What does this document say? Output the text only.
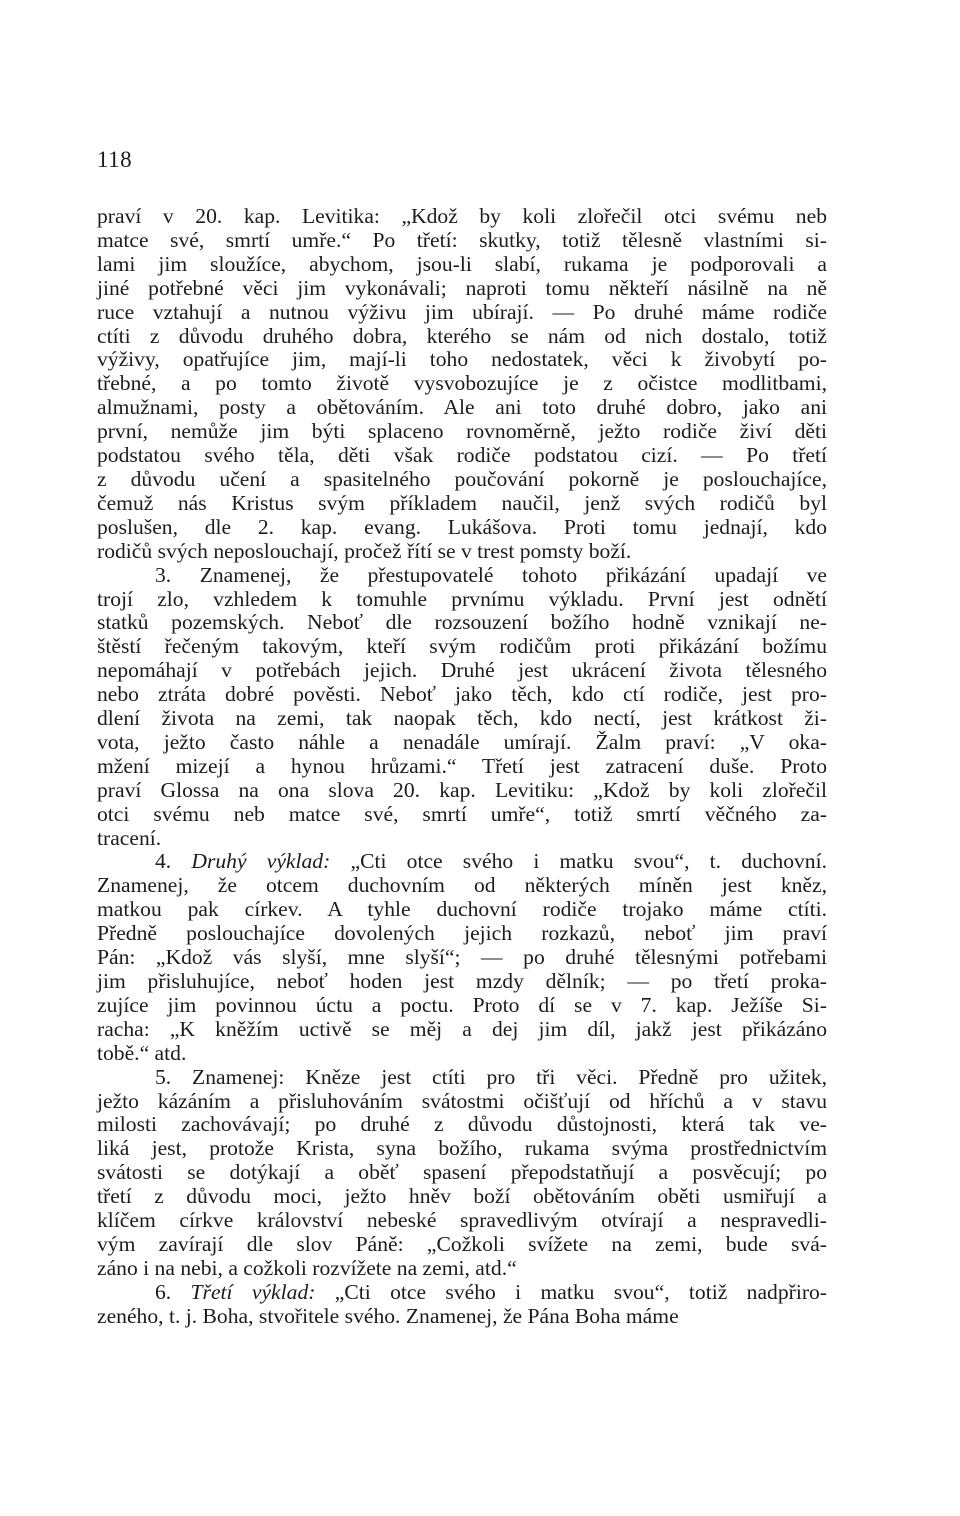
118
praví v 20. kap. Levitika: „Kdož by koli zlořečil otci svému neb
matce své, smrtí umře.“ Po třetí: skutky, totiž tělesně vlastními si-
lami jim sloužíce, abychom, jsou-li slabí, rukama je podporovali a
jiné potřebné věci jim vykonávali; naproti tomu někteří násilně na ně
ruce vztahují a nutnou výživu jim ubírají. — Po druhé máme rodiče
ctíti z důvodu druhého dobra, kterého se nám od nich dostalo, totiž
výživy, opatřujíce jim, mají-li toho nedostatek, věci k živobytí po-
třebné, a po tomto životě vysvobozujíce je z očistce modlitbami,
almužnami, posty a obětováním. Ale ani toto druhé dobro, jako ani
první, nemůže jim býti splaceno rovnoměrně, ježto rodiče živí děti
podstatou svého těla, děti však rodiče podstatou cizí. — Po třetí
z důvodu učení a spasitelného poučování pokorně je poslouchajíce,
čemuž nás Kristus svým příkladem naučil, jenž svých rodičů byl
poslušen, dle 2. kap. evang. Lukášova. Proti tomu jednají, kdo
rodičů svých neposlouchají, pročež řítí se v trest pomsty boží.
3. Znamenej, že přestupovatelé tohoto přikázání upadají ve
trojí zlo, vzhledem k tomuhle prvnímu výkladu. První jest odnětí
statků pozemských. Neboť dle rozsouzení božího hodně vznikají ne-
štěstí řečeným takovým, kteří svým rodičům proti přikázání božímu
nepomáhají v potřebách jejich. Druhé jest ukrácení života tělesného
nebo ztráta dobré pověsti. Neboť jako těch, kdo ctí rodiče, jest pro-
dlení života na zemi, tak naopak těch, kdo nectí, jest krátkost ži-
vota, ježto často náhle a nenadále umírají. Žalm praví: „V oka-
mžení mizejí a hynou hrůzami.“ Třetí jest zatracení duše. Proto
praví Glossa na ona slova 20. kap. Levitiku: „Kdož by koli zlořečil
otci svému neb matce své, smrtí umře“, totiž smrtí věčného za-
tracení.
4. Druhý výklad: „Cti otce svého i matku svou“, t. duchovní.
Znamenej, že otcem duchovním od některých míněn jest kněz,
matkou pak církev. A tyhle duchovní rodiče trojako máme ctíti.
Předně poslouchajíce dovolených jejich rozkazů, neboť jim praví
Pán: „Kdož vás slyší, mne slyší“; — po druhé tělesnými potřebami
jim přisluhujíce, neboť hoden jest mzdy dělník; — po třetí proka-
zujíce jim povinnou úctu a poctu. Proto dí se v 7. kap. Ježíše Si-
racha: „K kněžím uctivě se měj a dej jim díl, jakž jest přikázáno
tobě.“ atd.
5. Znamenej: Kněze jest ctíti pro tři věci. Předně pro užitek,
ježto kázáním a přisluhováním svátostmi očišťují od hříchů a v stavu
milosti zachovávají; po druhé z důvodu důstojnosti, která tak ve-
liká jest, protože Krista, syna božího, rukama svýma prostřednictvím
svátosti se dotýkají a oběť spasení přepodstatňují a posvěcují; po
třetí z důvodu moci, ježto hněv boží obětováním oběti usmiřují a
klíčem církve království nebeské spravedlivým otvírají a nespravedli-
vým zavírají dle slov Páně: „Cožkoli svížete na zemi, bude svá-
záno i na nebi, a cožkoli rozvížete na zemi, atd.“
6. Třetí výklad: „Cti otce svého i matku svou“, totiž nadpřiro-
zeného, t. j. Boha, stvořitele svého. Znamenej, že Pána Boha máme
